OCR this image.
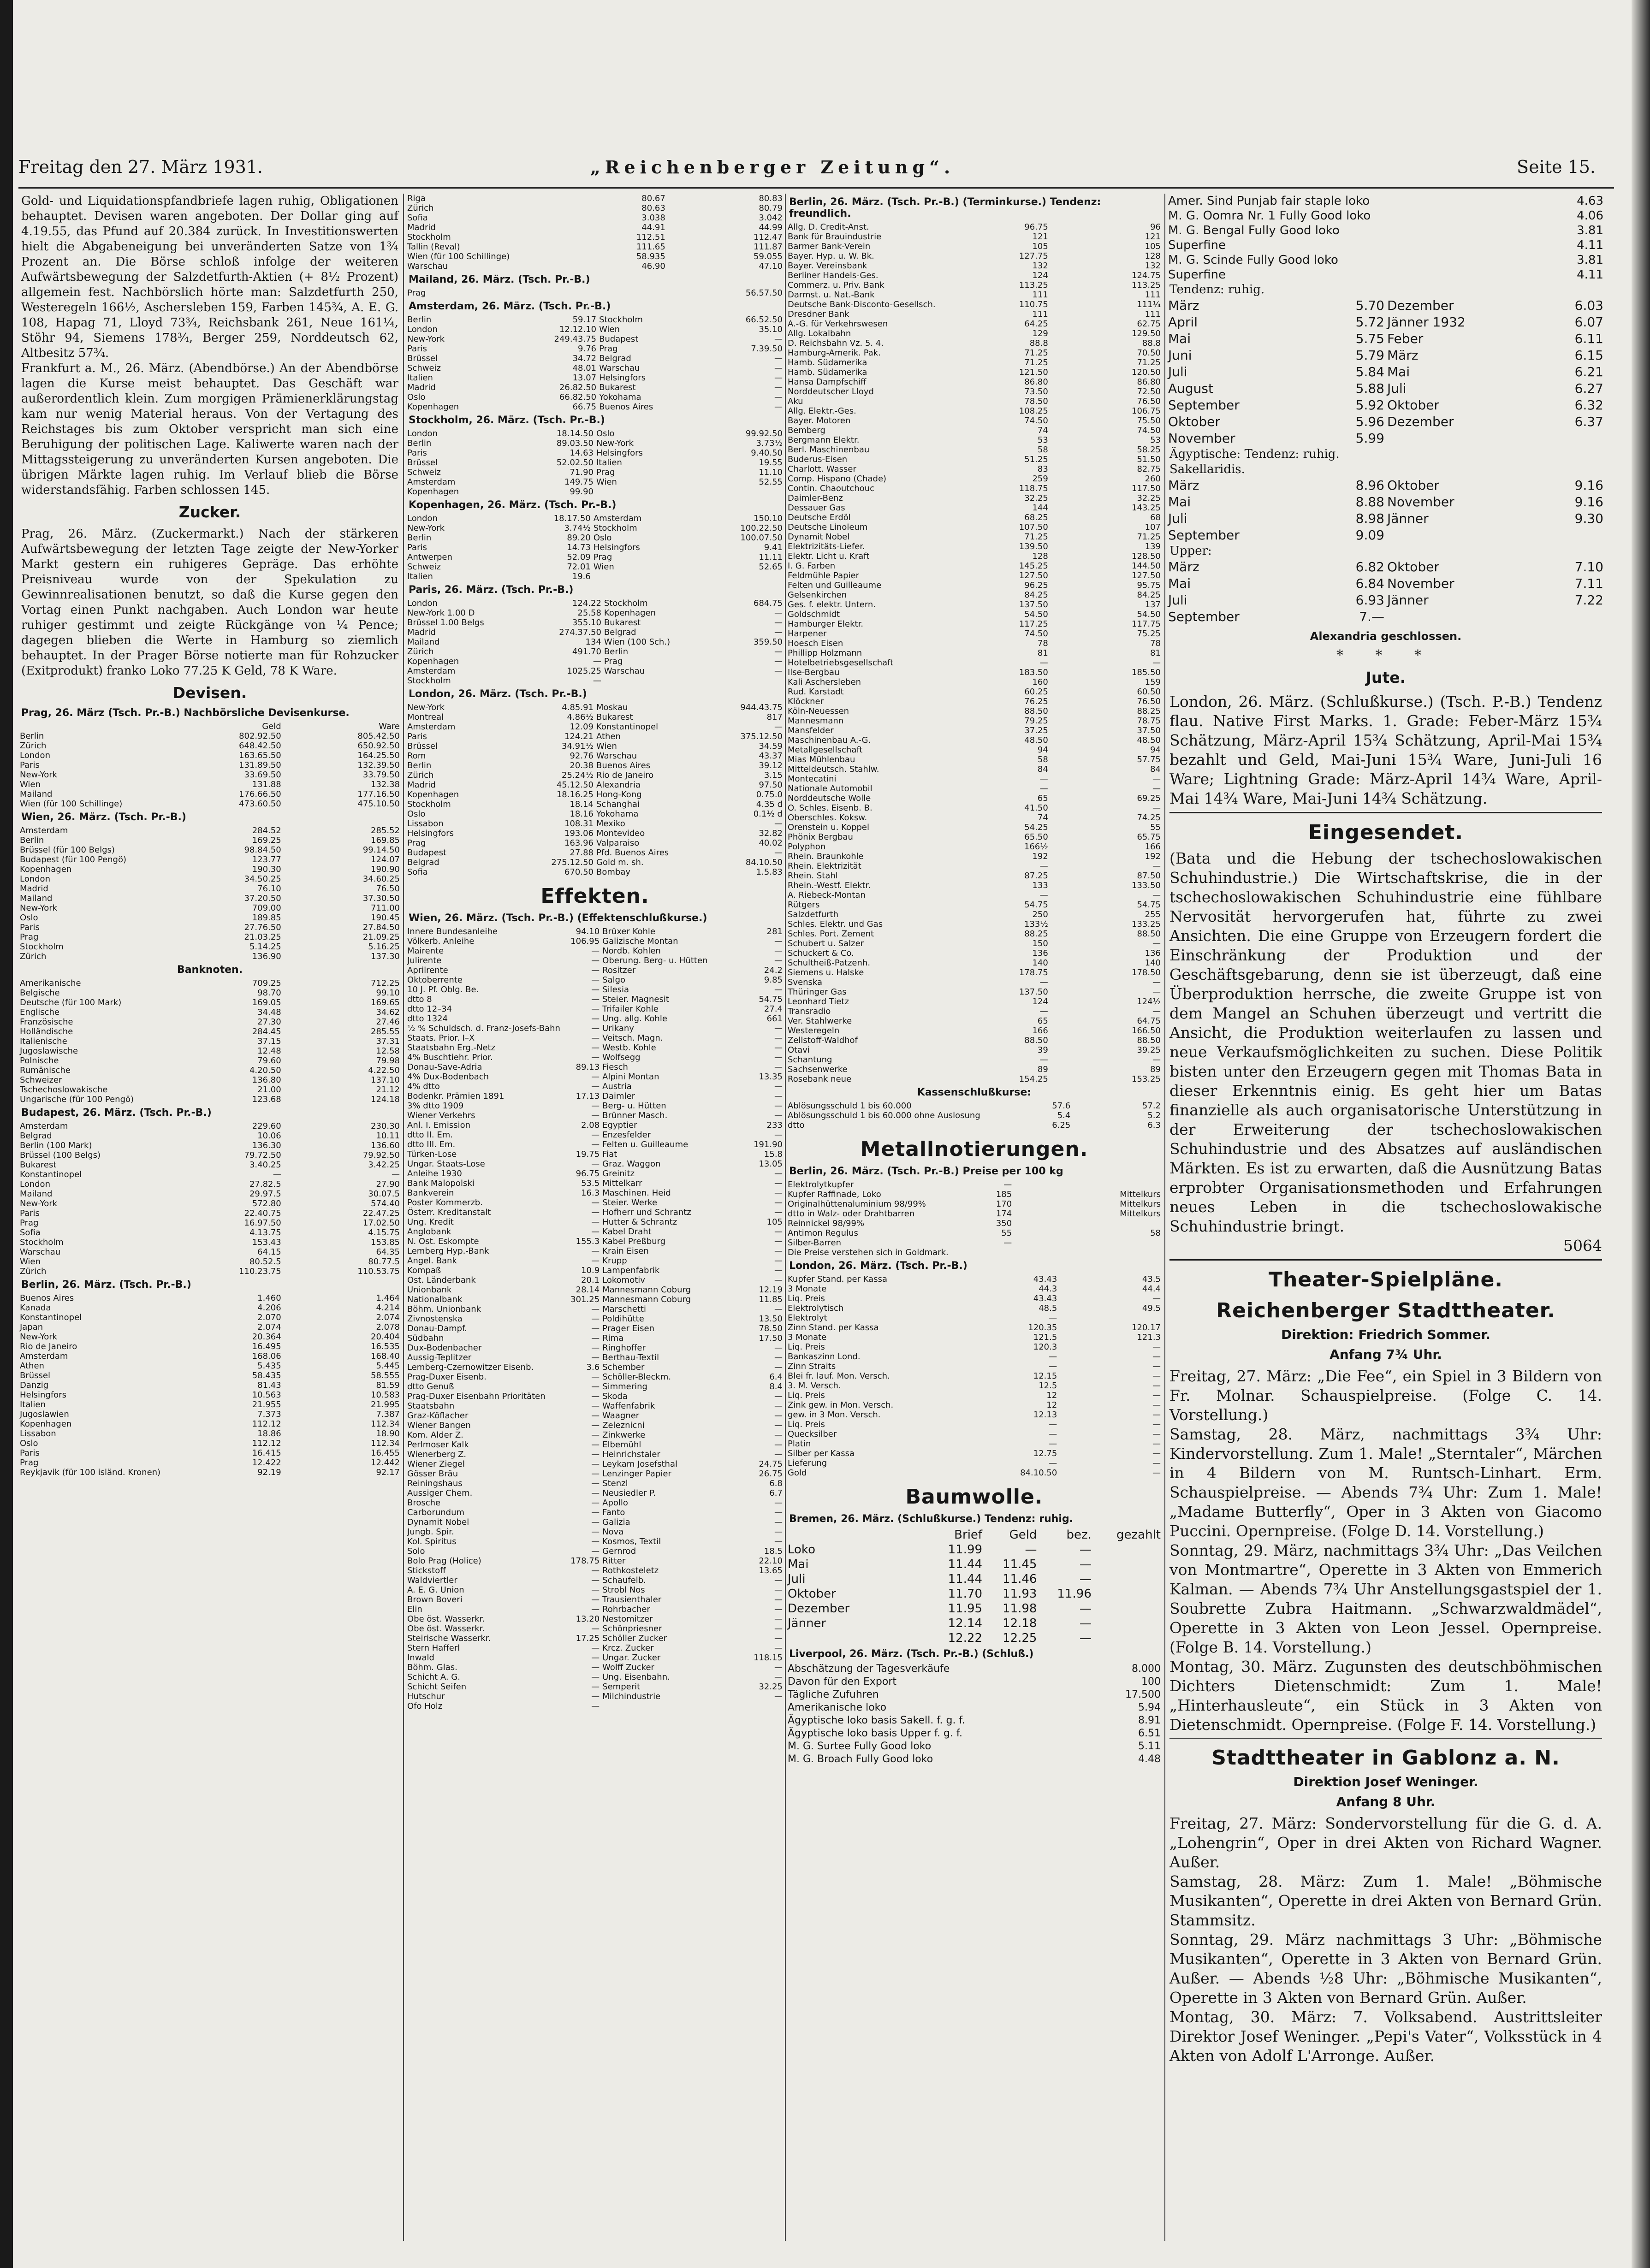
Freitag den 27. März 1931.	„Reichenberger Zeitung“.	Seite 15.

Gold- und Liquidationspfandbriefe lagen ruhig, Obligationen behauptet. Devisen waren angeboten. Der Dollar ging auf 4.19.55, das Pfund auf 20.384 zurück. In Investitionswerten hielt die Abgabeneigung bei unveränderten Satze von 1¾ Prozent an. Die Börse schloß infolge der weiteren Aufwärtsbewegung der Salzdetfurth-Aktien (+ 8½ Prozent) allgemein fest. Nachbörslich hörte man: Salzdetfurth 250, Westeregeln 166½, Aschersleben 159, Farben 145¾, A. E. G. 108, Hapag 71, Lloyd 73¾, Reichsbank 261, Neue 161¼, Stöhr 94, Siemens 178¾, Berger 259, Norddeutsch 62, Altbesitz 57¾.

Frankfurt a. M., 26. März. (Abendbörse.) An der Abendbörse lagen die Kurse meist behauptet. Das Geschäft war außerordentlich klein. Zum morgigen Prämienerklärungstag kam nur wenig Material heraus. Von der Vertagung des Reichstages bis zum Oktober verspricht man sich eine Beruhigung der politischen Lage. Kaliwerte waren nach der Mittagssteigerung zu unveränderten Kursen angeboten. Die übrigen Märkte lagen ruhig. Im Verlauf blieb die Börse widerstandsfähig. Farben schlossen 145.

Zucker.

Prag, 26. März. (Zuckermarkt.) Nach der stärkeren Aufwärtsbewegung der letzten Tage zeigte der New-Yorker Markt gestern ein ruhigeres Gepräge. Das erhöhte Preisniveau wurde von der Spekulation zu Gewinnrealisationen benutzt, so daß die Kurse gegen den Vortag einen Punkt nachgaben. Auch London war heute ruhiger gestimmt und zeigte Rückgänge von ¼ Pence; dagegen blieben die Werte in Hamburg so ziemlich behauptet. In der Prager Börse notierte man für Rohzucker (Exitprodukt) franko Loko 77.25 K Geld, 78 K Ware.

Devisen.
Prag, 26. März (Tsch. Pr.-B.) Nachbörsliche Devisenkurse.
	Geld	Ware
Berlin	802.92.50	805.42.50
Zürich	648.42.50	650.92.50
London	163.65.50	164.25.50
Paris	131.89.50	132.39.50
New-York	33.69.50	33.79.50
Wien	131.88	132.38
Mailand	176.66.50	177.16.50
Wien (für 100 Schillinge)	473.60.50	475.10.50
Wien, 26. März. (Tsch. Pr.-B.)
Amsterdam	284.52	285.52
Berlin	169.25	169.85
Brüssel (für 100 Belgs)	98.84.50	99.14.50
Budapest (für 100 Pengö)	123.77	124.07
Kopenhagen	190.30	190.90
London	34.50.25	34.60.25
Madrid	76.10	76.50
Mailand	37.20.50	37.30.50
New-York	709.00	711.00
Oslo	189.85	190.45
Paris	27.76.50	27.84.50
Prag	21.03.25	21.09.25
Stockholm	5.14.25	5.16.25
Zürich	136.90	137.30
Banknoten.
Amerikanische	709.25	712.25
Belgische	98.70	99.10
Deutsche (für 100 Mark)	169.05	169.65
Englische	34.48	34.62
Französische	27.30	27.46
Holländische	284.45	285.55
Italienische	37.15	37.31
Jugoslawische	12.48	12.58
Polnische	79.60	79.98
Rumänische	4.20.50	4.22.50
Schweizer	136.80	137.10
Tschechoslowakische	21.00	21.12
Ungarische (für 100 Pengö)	123.68	124.18
Budapest, 26. März. (Tsch. Pr.-B.)
Amsterdam	229.60	230.30
Belgrad	10.06	10.11
Berlin (100 Mark)	136.30	136.60
Brüssel (100 Belgs)	79.72.50	79.92.50
Bukarest	3.40.25	3.42.25
Konstantinopel	—	—
London	27.82.5	27.90
Mailand	29.97.5	30.07.5
New-York	572.80	574.40
Paris	22.40.75	22.47.25
Prag	16.97.50	17.02.50
Sofia	4.13.75	4.15.75
Stockholm	153.43	153.85
Warschau	64.15	64.35
Wien	80.52.5	80.77.5
Zürich	110.23.75	110.53.75
Berlin, 26. März. (Tsch. Pr.-B.)
Buenos Aires	1.460	1.464
Kanada	4.206	4.214
Konstantinopel	2.070	2.074
Japan	2.074	2.078
New-York	20.364	20.404
Rio de Janeiro	16.495	16.535
Amsterdam	168.06	168.40
Athen	5.435	5.445
Brüssel	58.435	58.555
Danzig	81.43	81.59
Helsingfors	10.563	10.583
Italien	21.955	21.995
Jugoslawien	7.373	7.387
Kopenhagen	112.12	112.34
Lissabon	18.86	18.90
Oslo	112.12	112.34
Paris	16.415	16.455
Prag	12.422	12.442
Reykjavik (für 100 isländ. Kronen)	92.19	92.17
Riga	80.67	80.83
Zürich	80.63	80.79
Sofia	3.038	3.042
Madrid	44.91	44.99
Stockholm	112.51	112.47
Tallin (Reval)	111.65	111.87
Wien (für 100 Schillinge)	58.935	59.055
Warschau	46.90	47.10
Mailand, 26. März. (Tsch. Pr.-B.)
Prag		56.57.50
Amsterdam, 26. März. (Tsch. Pr.-B.)
Berlin	59.17	Stockholm	66.52.50
London	12.12.10	Wien	35.10
New-York	249.43.75	Budapest	—
Paris	9.76	Prag	7.39.50
Brüssel	34.72	Belgrad	—
Schweiz	48.01	Warschau	—
Italien	13.07	Helsingfors	—
Madrid	26.82.50	Bukarest	—
Oslo	66.82.50	Yokohama	—
Kopenhagen	66.75	Buenos Aires	—
Stockholm, 26. März. (Tsch. Pr.-B.)
London	18.14.50	Oslo	99.92.50
Berlin	89.03.50	New-York	3.73½
Paris	14.63	Helsingfors	9.40.50
Brüssel	52.02.50	Italien	19.55
Schweiz	71.90	Prag	11.10
Amsterdam	149.75	Wien	52.55
Kopenhagen	99.90		
Kopenhagen, 26. März. (Tsch. Pr.-B.)
London	18.17.50	Amsterdam	150.10
New-York	3.74½	Stockholm	100.22.50
Berlin	89.20	Oslo	100.07.50
Paris	14.73	Helsingfors	9.41
Antwerpen	52.09	Prag	11.11
Schweiz	72.01	Wien	52.65
Italien	19.6		
Paris, 26. März. (Tsch. Pr.-B.)
London	124.22	Stockholm	684.75
New-York 1.00 D	25.58	Kopenhagen	—
Brüssel 1.00 Belgs	355.10	Bukarest	—
Madrid	274.37.50	Belgrad	—
Mailand	134	Wien (100 Sch.)	359.50
Zürich	491.70	Berlin	—
Kopenhagen	—	Prag	—
Amsterdam	1025.25	Warschau	—
Stockholm	—		
London, 26. März. (Tsch. Pr.-B.)
New-York	4.85.91	Moskau	944.43.75
Montreal	4.86½	Bukarest	817
Amsterdam	12.09	Konstantinopel	—
Paris	124.21	Athen	375.12.50
Brüssel	34.91½	Wien	34.59
Rom	92.76	Warschau	43.37
Berlin	20.38	Buenos Aires	39.12
Zürich	25.24½	Rio de Janeiro	3.15
Madrid	45.12.50	Alexandria	97.50
Kopenhagen	18.16.25	Hong-Kong	0.75.0
Stockholm	18.14	Schanghai	4.35 d
Oslo	18.16	Yokohama	0.1½ d
Lissabon	108.31	Mexiko	—
Helsingfors	193.06	Montevideo	32.82
Prag	163.96	Valparaiso	40.02
Budapest	27.88	Pfd. Buenos Aires	—
Belgrad	275.12.50	Gold m. sh.	84.10.50
Sofia	670.50	Bombay	1.5.83
Effekten.
Wien, 26. März. (Tsch. Pr.-B.) (Effektenschlußkurse.)
Innere Bundesanleihe	94.10	Brüxer Kohle	281
Völkerb. Anleihe	106.95	Galizische Montan	—
Mairente	—	Nordb. Kohlen	—
Julirente	—	Oberung. Berg- u. Hütten	—
Aprilrente	—	Rositzer	24.2
Oktoberrente	—	Salgo	9.85
10 J. Pf. Oblg. Be.	—	Silesia	—
dtto 8	—	Steier. Magnesit	54.75
dtto 12–34	—	Trifailer Kohle	27.4
dtto 1324	—	Ung. allg. Kohle	661
½ % Schuldsch. d. Franz-Josefs-Bahn	—	Urikany	—
Staats. Prior. I–X	—	Veitsch. Magn.	—
Staatsbahn Erg.-Netz	—	Westb. Kohle	—
4% Buschtiehr. Prior.	—	Wolfsegg	—
Donau-Save-Adria	89.13	Fiesch	—
4% Dux-Bodenbach	—	Alpini Montan	13.35
4% dtto	—	Austria	—
Bodenkr. Prämien 1891	17.13	Daimler	—
3% dtto 1909	—	Berg- u. Hütten	—
Wiener Verkehrs	—	Brünner Masch.	—
Anl. I. Emission	2.08	Egyptier	233
dtto II. Em.	—	Enzesfelder	—
dtto III. Em.	—	Felten u. Guilleaume	191.90
Türken-Lose	19.75	Fiat	15.8
Ungar. Staats-Lose	—	Graz. Waggon	13.05
Anleihe 1930	96.75	Greinitz	—
Bank Malopolski	53.5	Mittelkarr	—
Bankverein	16.3	Maschinen. Heid	—
Poster Kommerzb.	—	Steier. Werke	—
Österr. Kreditanstalt	—	Hofherr und Schrantz	—
Ung. Kredit	—	Hutter & Schrantz	105
Anglobank	—	Kabel Draht	—
N. Ost. Eskompte	155.3	Kabel Preßburg	—
Lemberg Hyp.-Bank	—	Krain Eisen	—
Angel. Bank	—	Krupp	—
Kompaß	10.9	Lampenfabrik	—
Ost. Länderbank	20.1	Lokomotiv	—
Unionbank	28.14	Mannesmann Coburg	12.19
Nationalbank	301.25	Mannesmann Coburg	11.85
Böhm. Unionbank	—	Marschetti	—
Zivnostenska	—	Poldihütte	13.50
Donau-Dampf.	—	Prager Eisen	78.50
Südbahn	—	Rima	17.50
Dux-Bodenbacher	—	Ringhoffer	—
Aussig-Teplitzer	—	Berthau-Textil	—
Lemberg-Czernowitzer Eisenb.	3.6	Schember	—
Prag-Duxer Eisenb.	—	Schöller-Bleckm.	6.4
dtto Genuß	—	Simmering	8.4
Prag-Duxer Eisenbahn Prioritäten	—	Skoda	—
Staatsbahn	—	Waffenfabrik	—
Graz-Köflacher	—	Waagner	—
Wiener Bangen	—	Zeleznicni	—
Kom. Alder Z.	—	Zinkwerke	—
Perlmoser Kalk	—	Elbemühl	—
Wienerberg Z.	—	Heinrichstaler	—
Wiener Ziegel	—	Leykam Josefsthal	24.75
Gösser Bräu	—	Lenzinger Papier	26.75
Reiningshaus	—	Stenzl	6.8
Aussiger Chem.	—	Neusiedler P.	6.7
Brosche	—	Apollo	—
Carborundum	—	Fanto	—
Dynamit Nobel	—	Galizia	—
Jungb. Spir.	—	Nova	—
Kol. Spiritus	—	Kosmos, Textil	—
Solo	—	Gernrod	18.5
Bolo Prag (Holice)	178.75	Ritter	22.10
Stickstoff	—	Rothkosteletz	13.65
Waldviertler	—	Schaufelb.	—
A. E. G. Union	—	Strobl Nos	—
Brown Boveri	—	Trausienthaler	—
Elin	—	Rohrbacher	—
Obe öst. Wasserkr.	13.20	Nestomitzer	—
Obe öst. Wasserkr.	—	Schönpriesner	—
Steirische Wasserkr.	17.25	Schöller Zucker	—
Stern Hafferl	—	Krcz. Zucker	—
Inwald	—	Ungar. Zucker	118.15
Böhm. Glas.	—	Wolff Zucker	—
Schicht A. G.	—	Ung. Eisenbahn.	—
Schicht Seifen	—	Semperit	32.25
Hutschur	—	Milchindustrie	—
Ofo Holz	—		
Berlin, 26. März. (Tsch. Pr.-B.) (Terminkurse.) Tendenz: freundlich.
Allg. D. Credit-Anst.	96.75	96
Bank für Brauindustrie	121	121
Barmer Bank-Verein	105	105
Bayer. Hyp. u. W. Bk.	127.75	128
Bayer. Vereinsbank	132	132
Berliner Handels-Ges.	124	124.75
Commerz. u. Priv. Bank	113.25	113.25
Darmst. u. Nat.-Bank	111	111
Deutsche Bank-Disconto-Gesellsch.	110.75	111¼
Dresdner Bank	111	111
A.-G. für Verkehrswesen	64.25	62.75
Allg. Lokalbahn	129	129.50
D. Reichsbahn Vz. 5. 4.	88.8	88.8
Hamburg-Amerik. Pak.	71.25	70.50
Hamb. Südamerika	71.25	71.25
Hamb. Südamerika	121.50	120.50
Hansa Dampfschiff	86.80	86.80
Norddeutscher Lloyd	73.50	72.50
Aku	78.50	76.50
Allg. Elektr.-Ges.	108.25	106.75
Bayer. Motoren	74.50	75.50
Bemberg	74	74.50
Bergmann Elektr.	53	53
Berl. Maschinenbau	58	58.25
Buderus-Eisen	51.25	51.50
Charlott. Wasser	83	82.75
Comp. Hispano (Chade)	259	260
Contin. Chaoutchouc	118.75	117.50
Daimler-Benz	32.25	32.25
Dessauer Gas	144	143.25
Deutsche Erdöl	68.25	68
Deutsche Linoleum	107.50	107
Dynamit Nobel	71.25	71.25
Elektrizitäts-Liefer.	139.50	139
Elektr. Licht u. Kraft	128	128.50
I. G. Farben	145.25	144.50
Feldmühle Papier	127.50	127.50
Felten und Guilleaume	96.25	95.75
Gelsenkirchen	84.25	84.25
Ges. f. elektr. Untern.	137.50	137
Goldschmidt	54.50	54.50
Hamburger Elektr.	117.25	117.75
Harpener	74.50	75.25
Hoesch Eisen	78	78
Phillipp Holzmann	81	81
Hotelbetriebsgesellschaft	—	—
Ilse-Bergbau	183.50	185.50
Kali Aschersleben	160	159
Rud. Karstadt	60.25	60.50
Klöckner	76.25	76.50
Köln-Neuessen	88.50	88.25
Mannesmann	79.25	78.75
Mansfelder	37.25	37.50
Maschinenbau A.-G.	48.50	48.50
Metallgesellschaft	94	94
Mias Mühlenbau	58	57.75
Mitteldeutsch. Stahlw.	84	84
Montecatini	—	—
Nationale Automobil	—	—
Norddeutsche Wolle	65	69.25
O. Schles. Eisenb. B.	41.50	—
Oberschles. Koksw.	74	74.25
Orenstein u. Koppel	54.25	55
Phönix Bergbau	65.50	65.75
Polyphon	166½	166
Rhein. Braunkohle	192	192
Rhein. Elektrizität	—	—
Rhein. Stahl	87.25	87.50
Rhein.-Westf. Elektr.	133	133.50
A. Riebeck-Montan	—	—
Rütgers	54.75	54.75
Salzdetfurth	250	255
Schles. Elektr. und Gas	133½	133.25
Schles. Port. Zement	88.25	88.50
Schubert u. Salzer	150	—
Schuckert & Co.	136	136
Schultheiß-Patzenh.	140	140
Siemens u. Halske	178.75	178.50
Svenska	—	—
Thüringer Gas	137.50	—
Leonhard Tietz	124	124½
Transradio	—	—
Ver. Stahlwerke	65	64.75
Westeregeln	166	166.50
Zellstoff-Waldhof	88.50	88.50
Otavi	39	39.25
Schantung	—	—
Sachsenwerke	89	89
Rosebank neue	154.25	153.25
Kassenschlußkurse:
Ablösungsschuld 1 bis 60.000	57.6	57.2
Ablösungsschuld 1 bis 60.000 ohne Auslosung	5.4	5.2
dtto	6.25	6.3
Metallnotierungen.
Berlin, 26. März. (Tsch. Pr.-B.) Preise per 100 kg
Elektrolytkupfer	—	
Kupfer Raffinade, Loko	185	Mittelkurs
Originalhüttenaluminium 98/99%	170	Mittelkurs
dtto in Walz- oder Drahtbarren	174	Mittelkurs
Reinnickel 98/99%	350	
Antimon Regulus	55	58
Silber-Barren	—	
Die Preise verstehen sich in Goldmark.		
London, 26. März. (Tsch. Pr.-B.)
Kupfer Stand. per Kassa	43.43	43.5
3 Monate	44.3	44.4
Liq. Preis	43.43	—
Elektrolytisch	48.5	49.5
Elektrolyt	—	
Zinn Stand. per Kassa	120.35	120.17
3 Monate	121.5	121.3
Liq. Preis	120.3	—
Bankaszinn Lond.	—	—
Zinn Straits	—	—
Blei fr. lauf. Mon. Versch.	12.15	—
3. M. Versch.	12.5	—
Liq. Preis	12	—
Zink gew. in Mon. Versch.	12	—
gew. in 3 Mon. Versch.	12.13	—
Liq. Preis	—	—
Quecksilber	—	—
Platin	—	—
Silber per Kassa	12.75	—
Lieferung	—	—
Gold	84.10.50	—
Baumwolle.
Bremen, 26. März. (Schlußkurse.) Tendenz: ruhig.
	Brief	Geld	bez.	gezahlt
Loko	11.99	—	—	
Mai	11.44	11.45	—	
Juli	11.44	11.46	—	
Oktober	11.70	11.93	11.96	
Dezember	11.95	11.98	—	
Jänner	12.14	12.18	—	
	12.22	12.25	—	
Liverpool, 26. März. (Tsch. Pr.-B.) (Schluß.)
Abschätzung der Tagesverkäufe	8.000
Davon für den Export	100
Tägliche Zufuhren	17.500
Amerikanische loko	5.94
Ägyptische loko basis Sakell. f. g. f.	8.91
Ägyptische loko basis Upper f. g. f.	6.51
M. G. Surtee Fully Good loko	5.11
M. G. Broach Fully Good loko	4.48
Amer. Sind Punjab fair staple loko	4.63
M. G. Oomra Nr. 1 Fully Good loko	4.06
M. G. Bengal Fully Good loko	3.81
Superfine	4.11
M. G. Scinde Fully Good loko	3.81
Superfine	4.11
Tendenz: ruhig.
März	5.70	Dezember	6.03
April	5.72	Jänner 1932	6.07
Mai	5.75	Feber	6.11
Juni	5.79	März	6.15
Juli	5.84	Mai	6.21
August	5.88	Juli	6.27
September	5.92	Oktober	6.32
Oktober	5.96	Dezember	6.37
November	5.99		
Ägyptische: Tendenz: ruhig.
Sakellaridis.
März	8.96	Oktober	9.16
Mai	8.88	November	9.16
Juli	8.98	Jänner	9.30
September	9.09		
Upper:
März	6.82	Oktober	7.10
Mai	6.84	November	7.11
Juli	6.93	Jänner	7.22
September	7.—		
Alexandria geschlossen.
* * *
Jute.

London, 26. März. (Schlußkurse.) (Tsch. P.-B.) Tendenz flau. Native First Marks. 1. Grade: Feber-März 15¾ Schätzung, März-April 15¾ Schätzung, April-Mai 15¾ bezahlt und Geld, Mai-Juni 15¾ Ware, Juni-Juli 16 Ware; Lightning Grade: März-April 14¾ Ware, April-Mai 14¾ Ware, Mai-Juni 14¾ Schätzung.

Eingesendet.

(Bata und die Hebung der tschechoslowakischen Schuhindustrie.) Die Wirtschaftskrise, die in der tschechoslowakischen Schuhindustrie eine fühlbare Nervosität hervorgerufen hat, führte zu zwei Ansichten. Die eine Gruppe von Erzeugern fordert die Einschränkung der Produktion und der Geschäftsgebarung, denn sie ist überzeugt, daß eine Überproduktion herrsche, die zweite Gruppe ist von dem Mangel an Schuhen überzeugt und vertritt die Ansicht, die Produktion weiterlaufen zu lassen und neue Verkaufsmöglichkeiten zu suchen. Diese Politik bisten unter den Erzeugern gegen mit Thomas Bata in dieser Erkenntnis einig. Es geht hier um Batas finanzielle als auch organisatorische Unterstützung in der Erweiterung der tschechoslowakischen Schuhindustrie und des Absatzes auf ausländischen Märkten. Es ist zu erwarten, daß die Ausnützung Batas erprobter Organisationsmethoden und Erfahrungen neues Leben in die tschechoslowakische Schuhindustrie bringt.

5064
Theater-Spielpläne.
Reichenberger Stadttheater.
Direktion: Friedrich Sommer.
Anfang 7¾ Uhr.

Freitag, 27. März: „Die Fee“, ein Spiel in 3 Bildern von Fr. Molnar. Schauspielpreise. (Folge C. 14. Vorstellung.)

Samstag, 28. März, nachmittags 3¾ Uhr: Kindervorstellung. Zum 1. Male! „Sterntaler“, Märchen in 4 Bildern von M. Runtsch-Linhart. Erm. Schauspielpreise. — Abends 7¾ Uhr: Zum 1. Male! „Madame Butterfly“, Oper in 3 Akten von Giacomo Puccini. Opernpreise. (Folge D. 14. Vorstellung.)

Sonntag, 29. März, nachmittags 3¾ Uhr: „Das Veilchen von Montmartre“, Operette in 3 Akten von Emmerich Kalman. — Abends 7¾ Uhr Anstellungsgastspiel der 1. Soubrette Zubra Haitmann. „Schwarzwaldmädel“, Operette in 3 Akten von Leon Jessel. Opernpreise. (Folge B. 14. Vorstellung.)

Montag, 30. März. Zugunsten des deutschböhmischen Dichters Dietenschmidt: Zum 1. Male! „Hinterhausleute“, ein Stück in 3 Akten von Dietenschmidt. Opernpreise. (Folge F. 14. Vorstellung.)

Stadttheater in Gablonz a. N.
Direktion Josef Weninger.
Anfang 8 Uhr.

Freitag, 27. März: Sondervorstellung für die G. d. A. „Lohengrin“, Oper in drei Akten von Richard Wagner. Außer.

Samstag, 28. März: Zum 1. Male! „Böhmische Musikanten“, Operette in drei Akten von Bernard Grün. Stammsitz.

Sonntag, 29. März nachmittags 3 Uhr: „Böhmische Musikanten“, Operette in 3 Akten von Bernard Grün. Außer. — Abends ½8 Uhr: „Böhmische Musikanten“, Operette in 3 Akten von Bernard Grün. Außer.

Montag, 30. März: 7. Volksabend. Austrittsleiter Direktor Josef Weninger. „Pepi's Vater“, Volksstück in 4 Akten von Adolf L'Arronge. Außer.
